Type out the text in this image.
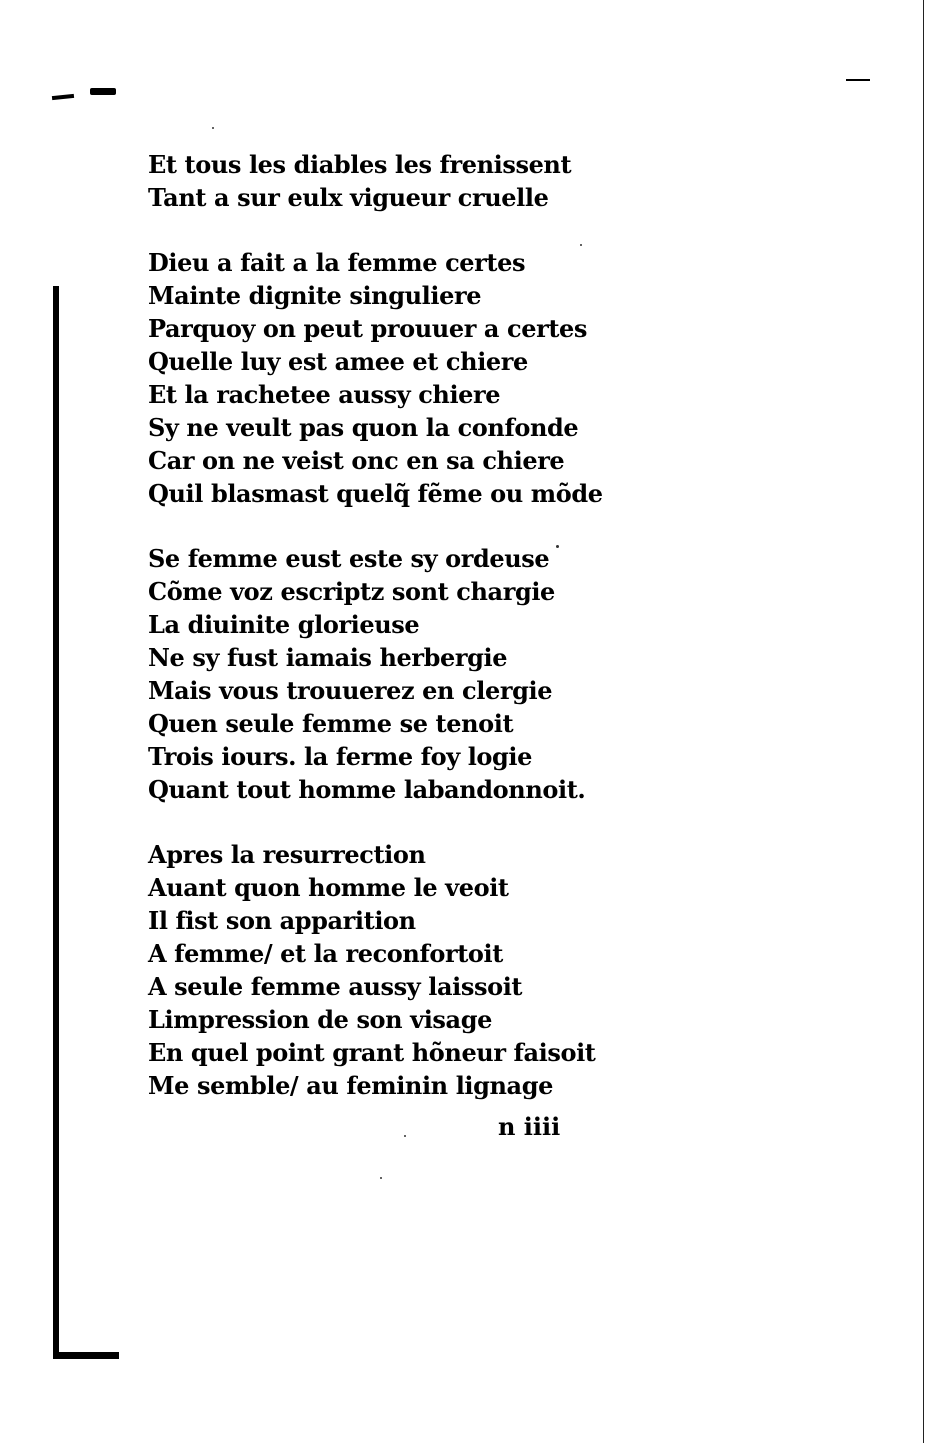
Et tous les diables les frenissent
Tant a sur eulx vigueur cruelle
Dieu a fait a la femme certes
Mainte dignite singuliere
Parquoy on peut prouuer a certes
Quelle luy est amee et chiere
Et la rachetee aussy chiere
Sy ne veult pas quon la confonde
Car on ne veist onc en sa chiere
Quil blasmast quelq̃ fẽme ou mõde
Se femme eust este sy ordeuse
Cõme voz escriptz sont chargie
La diuinite glorieuse
Ne sy fust iamais herbergie
Mais vous trouuerez en clergie
Quen seule femme se tenoit
Trois iours. la ferme foy logie
Quant tout homme labandonnoit.
Apres la resurrection
Auant quon homme le veoit
Il fist son apparition
A femme/ et la reconfortoit
A seule femme aussy laissoit
Limpression de son visage
En quel point grant hõneur faisoit
Me semble/ au feminin lignage
n iiii
